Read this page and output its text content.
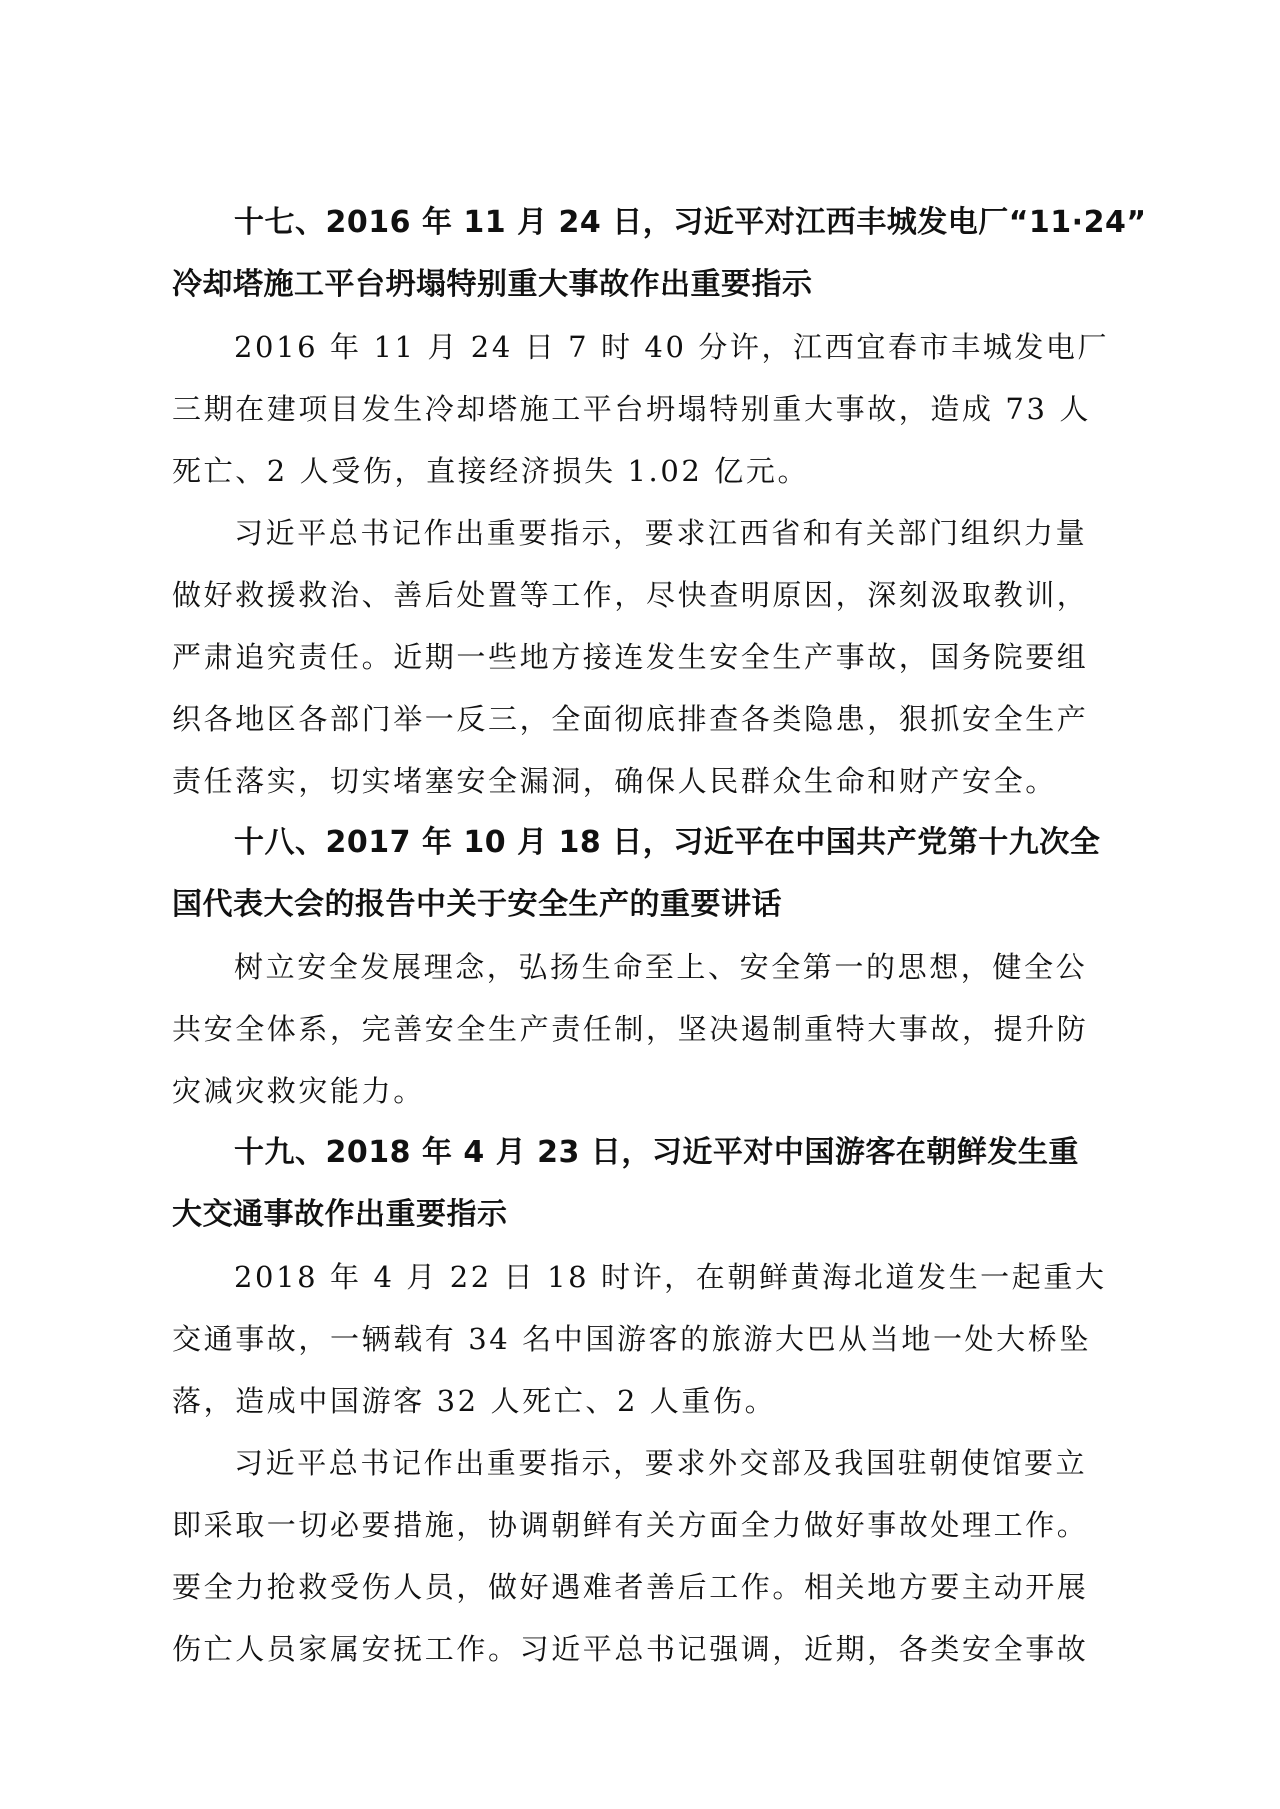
十七、2016 年 11 月 24 日，习近平对江西丰城发电厂“11·24”
冷却塔施工平台坍塌特别重大事故作出重要指示
2016 年 11 月 24 日 7 时 40 分许，江西宜春市丰城发电厂
三期在建项目发生冷却塔施工平台坍塌特别重大事故，造成 73 人
死亡、2 人受伤，直接经济损失 1.02 亿元。
习近平总书记作出重要指示，要求江西省和有关部门组织力量
做好救援救治、善后处置等工作，尽快查明原因，深刻汲取教训，
严肃追究责任。近期一些地方接连发生安全生产事故，国务院要组
织各地区各部门举一反三，全面彻底排查各类隐患，狠抓安全生产
责任落实，切实堵塞安全漏洞，确保人民群众生命和财产安全。
十八、2017 年 10 月 18 日，习近平在中国共产党第十九次全
国代表大会的报告中关于安全生产的重要讲话
树立安全发展理念，弘扬生命至上、安全第一的思想，健全公
共安全体系，完善安全生产责任制，坚决遏制重特大事故，提升防
灾减灾救灾能力。
十九、2018 年 4 月 23 日，习近平对中国游客在朝鲜发生重
大交通事故作出重要指示
2018 年 4 月 22 日 18 时许，在朝鲜黄海北道发生一起重大
交通事故，一辆载有 34 名中国游客的旅游大巴从当地一处大桥坠
落，造成中国游客 32 人死亡、2 人重伤。
习近平总书记作出重要指示，要求外交部及我国驻朝使馆要立
即采取一切必要措施，协调朝鲜有关方面全力做好事故处理工作。
要全力抢救受伤人员，做好遇难者善后工作。相关地方要主动开展
伤亡人员家属安抚工作。习近平总书记强调，近期，各类安全事故
